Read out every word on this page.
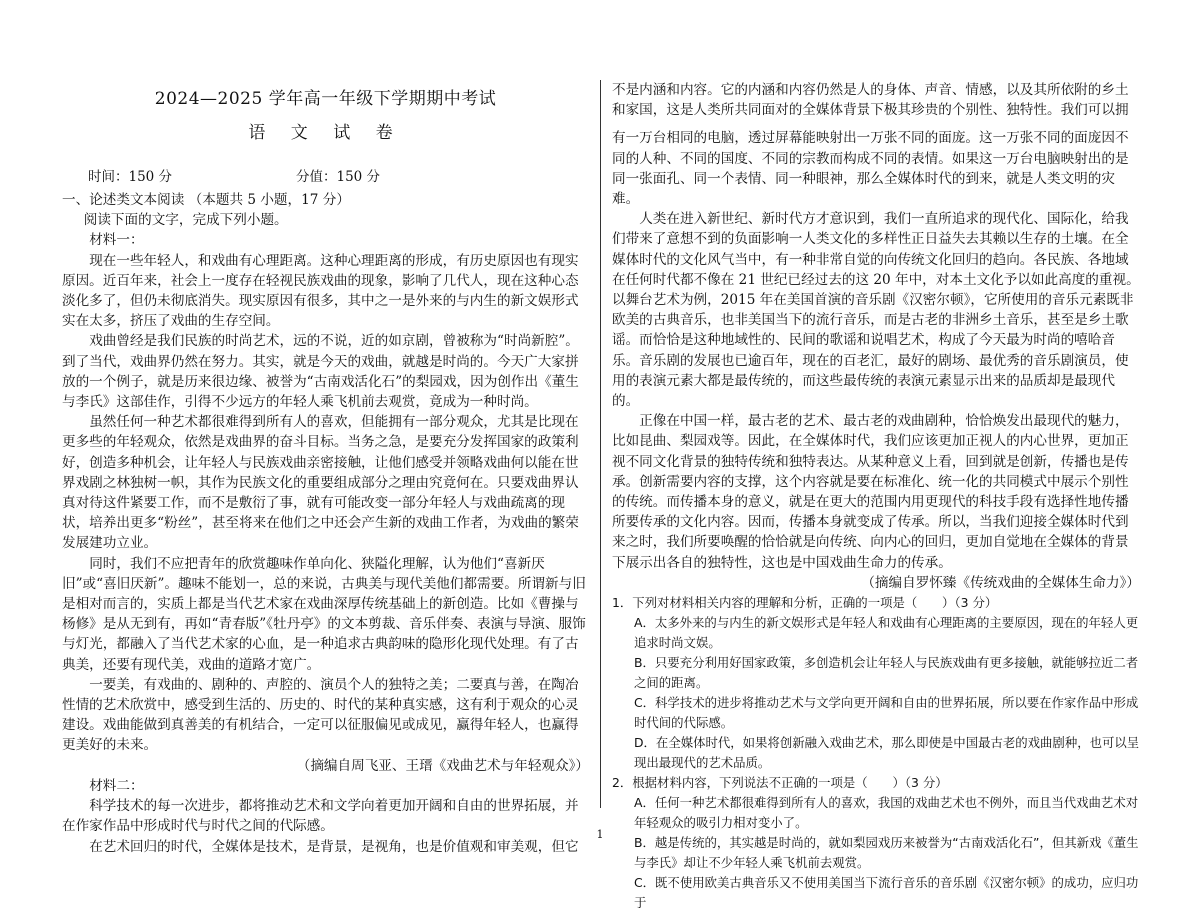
2024—2025 学年高一年级下学期期中考试
语 文 试 卷
时间：150 分	分值：150 分

一、论述类文本阅读 （本题共 5 小题，17 分）

阅读下面的文字，完成下列小题。

材料一：

现在一些年轻人，和戏曲有心理距离。这种心理距离的形成，有历史原因也有现实原因。近百年来，社会上一度存在轻视民族戏曲的现象，影响了几代人，现在这种心态淡化多了，但仍未彻底消失。现实原因有很多，其中之一是外来的与内生的新文娱形式实在太多，挤压了戏曲的生存空间。

戏曲曾经是我们民族的时尚艺术，远的不说，近的如京剧，曾被称为“时尚新腔”。到了当代，戏曲界仍然在努力。其实，就是今天的戏曲，就越是时尚的。今天广大家拼放的一个例子，就是历来很边缘、被誉为“古南戏活化石”的梨园戏，因为创作出《董生与李氏》这部佳作，引得不少远方的年轻人乘飞机前去观赏，竟成为一种时尚。

虽然任何一种艺术都很难得到所有人的喜欢，但能拥有一部分观众，尤其是比现在更多些的年轻观众，依然是戏曲界的奋斗目标。当务之急，是要充分发挥国家的政策利好，创造多种机会，让年轻人与民族戏曲亲密接触，让他们感受并领略戏曲何以能在世界戏剧之林独树一帜，其作为民族文化的重要组成部分之理由究竟何在。只要戏曲界认真对待这件紧要工作，而不是敷衍了事，就有可能改变一部分年轻人与戏曲疏离的现状，培养出更多“粉丝”，甚至将来在他们之中还会产生新的戏曲工作者，为戏曲的繁荣发展建功立业。

同时，我们不应把青年的欣赏趣味作单向化、狭隘化理解，认为他们“喜新厌旧”或“喜旧厌新”。趣味不能划一，总的来说，古典美与现代美他们都需要。所谓新与旧是相对而言的，实质上都是当代艺术家在戏曲深厚传统基础上的新创造。比如《曹操与杨修》是从无到有，再如“青春版”《牡丹亭》的文本剪裁、音乐伴奏、表演与导演、服饰与灯光，都融入了当代艺术家的心血，是一种追求古典韵味的隐形化现代处理。有了古典美，还要有现代美，戏曲的道路才宽广。

一要美，有戏曲的、剧种的、声腔的、演员个人的独特之美；二要真与善，在陶冶性情的艺术欣赏中，感受到生活的、历史的、时代的某种真实感，这有利于观众的心灵建设。戏曲能做到真善美的有机结合，一定可以征服偏见或成见，赢得年轻人，也赢得更美好的未来。

（摘编自周飞亚、王瑨《戏曲艺术与年轻观众》）

材料二：

科学技术的每一次进步，都将推动艺术和文学向着更加开阔和自由的世界拓展，并在作家作品中形成时代与时代之间的代际感。

在艺术回归的时代，全媒体是技术，是背景，是视角，也是价值观和审美观，但它

不是内涵和内容。它的内涵和内容仍然是人的身体、声音、情感，以及其所依附的乡土和家国，这是人类所共同面对的全媒体背景下极其珍贵的个别性、独特性。我们可以拥

有一万台相同的电脑，透过屏幕能映射出一万张不同的面庞。这一万张不同的面庞因不同的人种、不同的国度、不同的宗教而构成不同的表情。如果这一万台电脑映射出的是同一张面孔、同一个表情、同一种眼神，那么全媒体时代的到来，就是人类文明的灾难。

人类在进入新世纪、新时代方才意识到，我们一直所追求的现代化、国际化，给我们带来了意想不到的负面影响一人类文化的多样性正日益失去其赖以生存的土壤。在全媒体时代的文化风气当中，有一种非常自觉的向传统文化回归的趋向。各民族、各地域在任何时代都不像在 21 世纪已经过去的这 20 年中，对本土文化予以如此高度的重视。以舞台艺术为例，2015 年在美国首演的音乐剧《汉密尔顿》，它所使用的音乐元素既非欧美的古典音乐，也非美国当下的流行音乐，而是古老的非洲乡土音乐，甚至是乡土歌谣。而恰恰是这种地域性的、民间的歌谣和说唱艺术，构成了今天最为时尚的嘻哈音乐。音乐剧的发展也已逾百年，现在的百老汇，最好的剧场、最优秀的音乐剧演员，使用的表演元素大都是最传统的，而这些最传统的表演元素显示出来的品质却是最现代的。

正像在中国一样，最古老的艺术、最古老的戏曲剧种，恰恰焕发出最现代的魅力，比如昆曲、梨园戏等。因此，在全媒体时代，我们应该更加正视人的内心世界，更加正视不同文化背景的独特传统和独特表达。从某种意义上看，回到就是创新，传播也是传承。创新需要内容的支撑，这个内容就是要在标准化、统一化的共同模式中展示个别性的传统。而传播本身的意义，就是在更大的范围内用更现代的科技手段有选择性地传播所要传承的文化内容。因而，传播本身就变成了传承。所以，当我们迎接全媒体时代到来之时，我们所要唤醒的恰恰就是向传统、向内心的回归，更加自觉地在全媒体的背景下展示出各自的独特性，这也是中国戏曲生命力的传承。

（摘编自罗怀臻《传统戏曲的全媒体生命力》）

1．下列对材料相关内容的理解和分析，正确的一项是（　　）（3 分）

A．太多外来的与内生的新文娱形式是年轻人和戏曲有心理距离的主要原因，现在的年轻人更追求时尚文娱。

B．只要充分利用好国家政策，多创造机会让年轻人与民族戏曲有更多接触，就能够拉近二者之间的距离。

C．科学技术的进步将推动艺术与文学向更开阔和自由的世界拓展，所以要在作家作品中形成时代间的代际感。

D．在全媒体时代，如果将创新融入戏曲艺术，那么即使是中国最古老的戏曲剧种，也可以呈现出最现代的艺术品质。

2．根据材料内容，下列说法不正确的一项是（　　）（3 分）

A．任何一种艺术都很难得到所有人的喜欢，我国的戏曲艺术也不例外，而且当代戏曲艺术对年轻观众的吸引力相对变小了。

B．越是传统的，其实越是时尚的，就如梨园戏历来被誉为“古南戏活化石”，但其新戏《董生与李氏》却让不少年轻人乘飞机前去观赏。

C．既不使用欧美古典音乐又不使用美国当下流行音乐的音乐剧《汉密尔顿》的成功，应归功于

1
